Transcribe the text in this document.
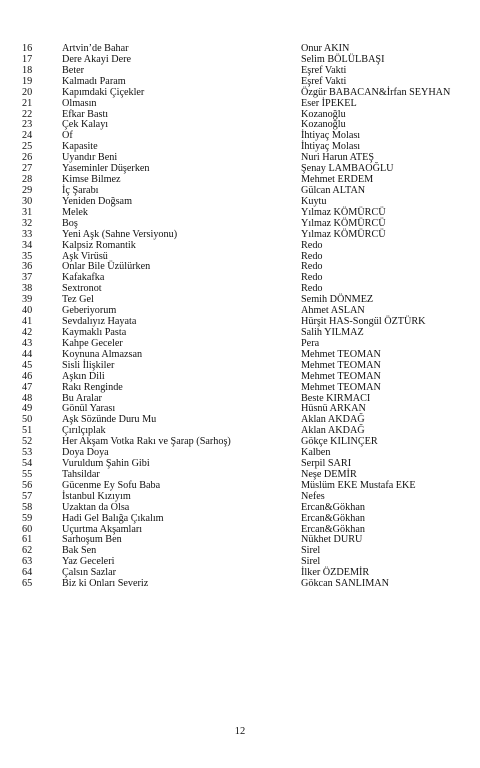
16	Artvin’de Bahar	Onur AKIN
17	Dere Akayi Dere	Selim BÖLÜLBAŞI
18	Beter	Eşref Vakti
19	Kalmadı Param	Eşref Vakti
20	Kapımdaki Çiçekler	Özgür BABACAN&İrfan SEYHAN
21	Olmasın	Eser İPEKEL
22	Efkar Bastı	Kozanoğlu
23	Çek Kalayı	Kozanoğlu
24	Of	İhtiyaç Molası
25	Kapasite	İhtiyaç Molası
26	Uyandır Beni	Nuri Harun ATEŞ
27	Yaseminler Düşerken	Şenay LAMBAOĞLU
28	Kimse Bilmez	Mehmet ERDEM
29	İç Şarabı	Gülcan ALTAN
30	Yeniden Doğsam	Kuytu
31	Melek	Yılmaz KÖMÜRCÜ
32	Boş	Yılmaz KÖMÜRCÜ
33	Yeni Aşk (Sahne Versiyonu)	Yılmaz KÖMÜRCÜ
34	Kalpsiz Romantik	Redo
35	Aşk Virüsü	Redo
36	Onlar Bile Üzülürken	Redo
37	Kafakafka	Redo
38	Sextronot	Redo
39	Tez Gel	Semih DÖNMEZ
40	Geberiyorum	Ahmet ASLAN
41	Sevdalıyız Hayata	Hürşit HAS-Songül ÖZTÜRK
42	Kaymaklı Pasta	Salih YILMAZ
43	Kahpe Geceler	Pera
44	Koynuna Almazsan	Mehmet TEOMAN
45	Sisli İlişkiler	Mehmet TEOMAN
46	Aşkın Dili	Mehmet TEOMAN
47	Rakı Renginde	Mehmet TEOMAN
48	Bu Aralar	Beste KIRMACI
49	Gönül Yarası	Hüsnü ARKAN
50	Aşk Sözünde Duru Mu	Aklan AKDAĞ
51	Çırılçıplak	Aklan AKDAĞ
52	Her Akşam Votka Rakı ve Şarap (Sarhoş)	Gökçe KILINÇER
53	Doya Doya	Kalben
54	Vuruldum Şahin Gibi	Serpil SARI
55	Tahsildar	Neşe DEMİR
56	Gücenme Ey Sofu Baba	Müslüm EKE Mustafa EKE
57	İstanbul Kızıyım	Nefes
58	Uzaktan da Olsa	Ercan&Gökhan
59	Hadi Gel Balığa Çıkalım	Ercan&Gökhan
60	Uçurtma Akşamları	Ercan&Gökhan
61	Sarhoşum Ben	Nükhet DURU
62	Bak Sen	Sirel
63	Yaz Geceleri	Sirel
64	Çalsın Sazlar	İlker ÖZDEMİR
65	Biz ki Onları Severiz	Gökcan SANLIMAN
12
